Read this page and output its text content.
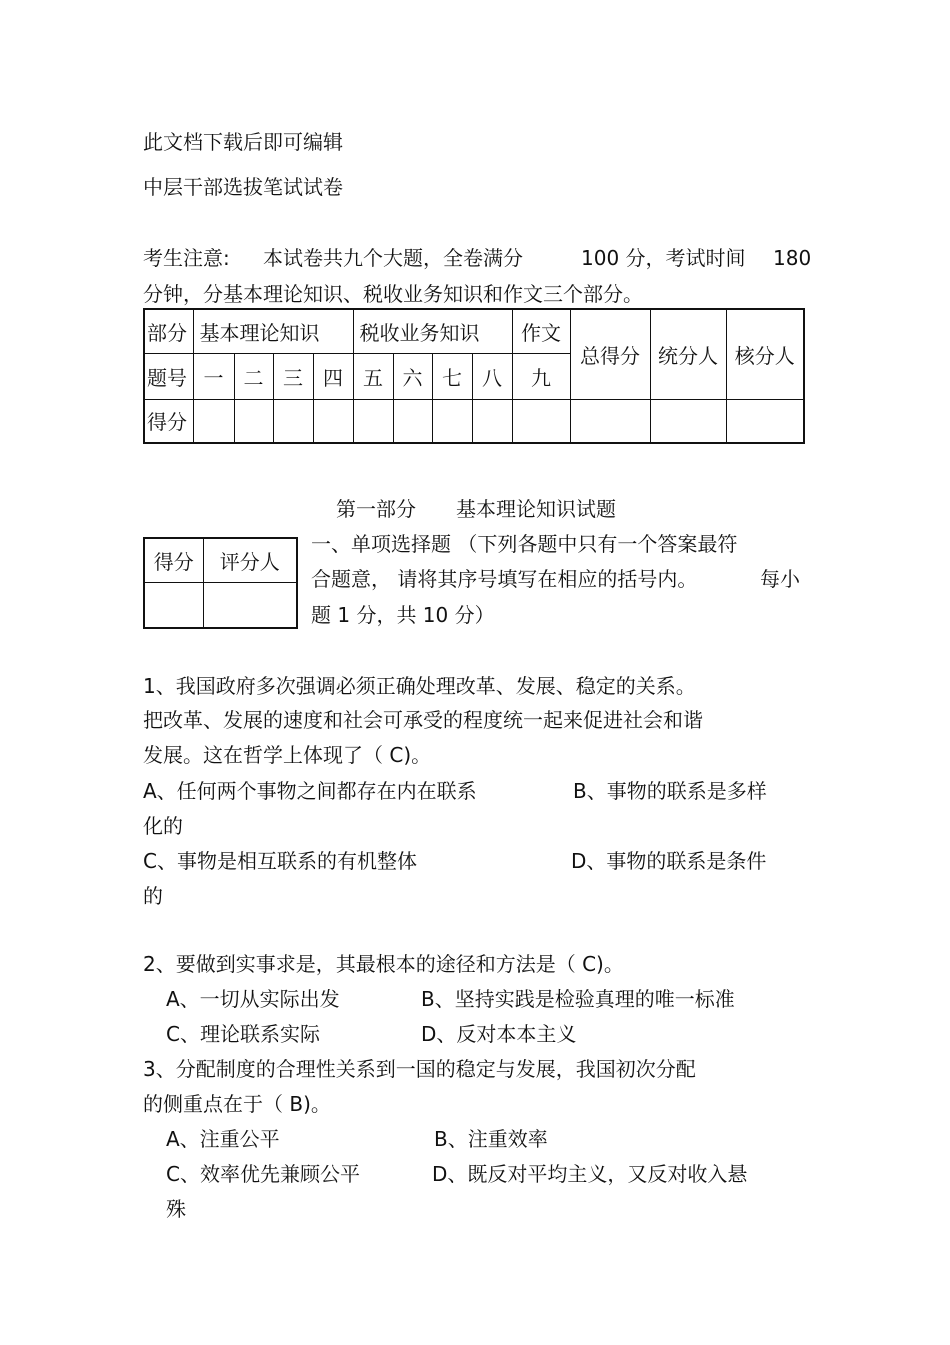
此文档下载后即可编辑
中层干部选拔笔试试卷
考生注意: 本试卷共九个大题，全卷满分	100 分，考试时间 180
分钟，分基本理论知识、税收业务知识和作文三个部分。
部分	基本理论知识				税收业务知识				作文	总得分	统分人	核分人
题号	一	二	三	四	五	六	七	八	九			
得分												
第一部分 基本理论知识试题
得分	评分人

一、单项选择题 （下列各题中只有一个答案最符
合题意， 请将其序号填写在相应的括号内。	每小
题 1 分，共 10 分）
1、我国政府多次强调必须正确处理改革、发展、稳定的关系。
把改革、发展的速度和社会可承受的程度统一起来促进社会和谐
发展。这在哲学上体现了（ C)。
A、任何两个事物之间都存在内在联系	B、事物的联系是多样
化的
C、事物是相互联系的有机整体	D、事物的联系是条件
的
2、要做到实事求是，其最根本的途径和方法是（ C)。
A、一切从实际出发	B、坚持实践是检验真理的唯一标准
C、理论联系实际	D、反对本本主义
3、分配制度的合理性关系到一国的稳定与发展，我国初次分配
的侧重点在于（ B)。
A、注重公平	B、注重效率
C、效率优先兼顾公平	D、既反对平均主义，又反对收入悬
殊
